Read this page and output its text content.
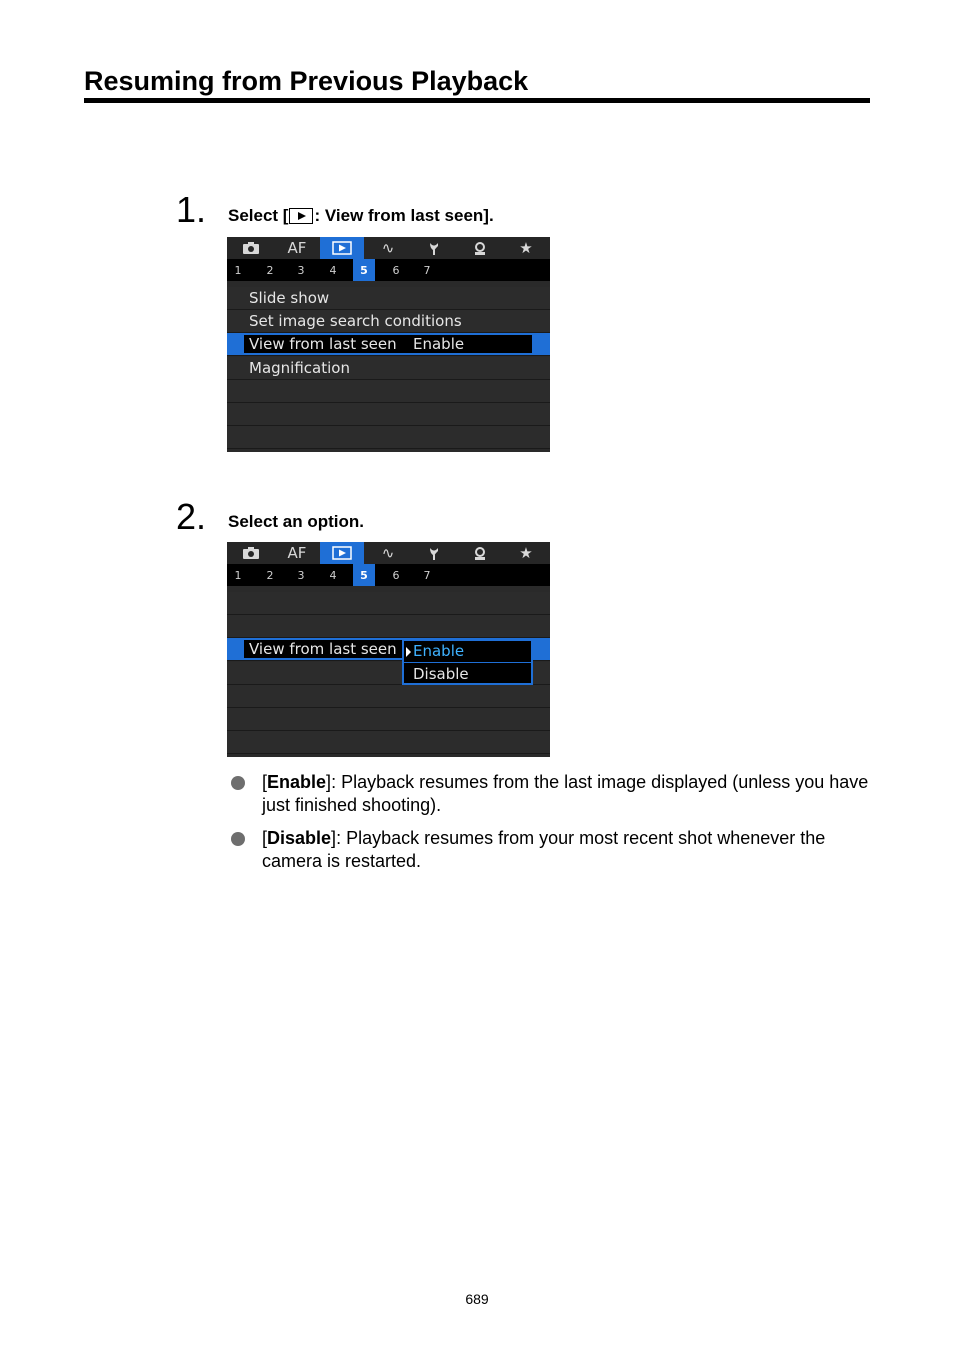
Resuming from Previous Playback
1. Select [ : View from last seen].
AF	∿	★
1	2	3	4	5	6	7
Slide show
Set image search conditions
View from last seen Enable
Magnification
2. Select an option.
AF	∿	★
1	2	3	4	5	6	7
View from last seen Enable
Disable
[Enable]: Playback resumes from the last image displayed (unless you have just finished shooting).
[Disable]: Playback resumes from your most recent shot whenever the camera is restarted.
689
